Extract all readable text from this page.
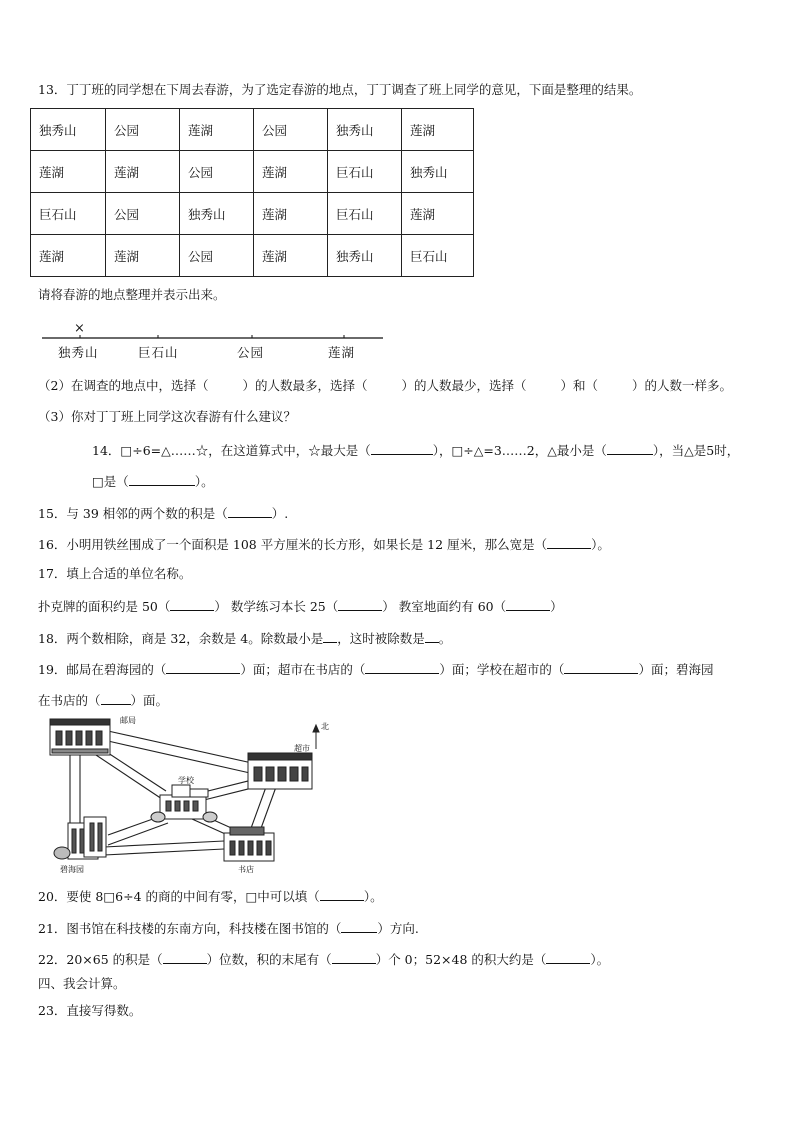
13．丁丁班的同学想在下周去春游，为了选定春游的地点，丁丁调查了班上同学的意见，下面是整理的结果。
独秀山	公园	莲湖	公园	独秀山	莲湖
莲湖	莲湖	公园	莲湖	巨石山	独秀山
巨石山	公园	独秀山	莲湖	巨石山	莲湖
莲湖	莲湖	公园	莲湖	独秀山	巨石山
请将春游的地点整理并表示出来。
×
独秀山	巨石山	公园	莲湖
（2）在调查的地点中，选择（	）的人数最多，选择（	）的人数最少，选择（	）和（	）的人数一样多。
（3）你对丁丁班上同学这次春游有什么建议？
14．□÷6=△……☆，在这道算式中，☆最大是（	），□÷△=3……2，△最小是（	），当△是5时，
□是（	）。
15．与 39 相邻的两个数的积是（	）.
16．小明用铁丝围成了一个面积是 108 平方厘米的长方形，如果长是 12 厘米，那么宽是（	）。
17．填上合适的单位名称。
扑克牌的面积约是 50（	） 数学练习本长 25（	） 教室地面约有 60（	）
18．两个数相除，商是 32，余数是 4。除数最小是 ，这时被除数是 。
19．邮局在碧海园的（	）面；超市在书店的（	）面；学校在超市的（	）面；碧海园
在书店的（ ）面。
邮局
超市
学校
碧海园	书店
北
20．要使 8□6÷4 的商的中间有零，□中可以填（	）。
21．图书馆在科技楼的东南方向，科技楼在图书馆的（	）方向.
22．20×65 的积是（	）位数，积的末尾有（	）个 0；52×48 的积大约是（	）。
四、我会计算。
23．直接写得数。
